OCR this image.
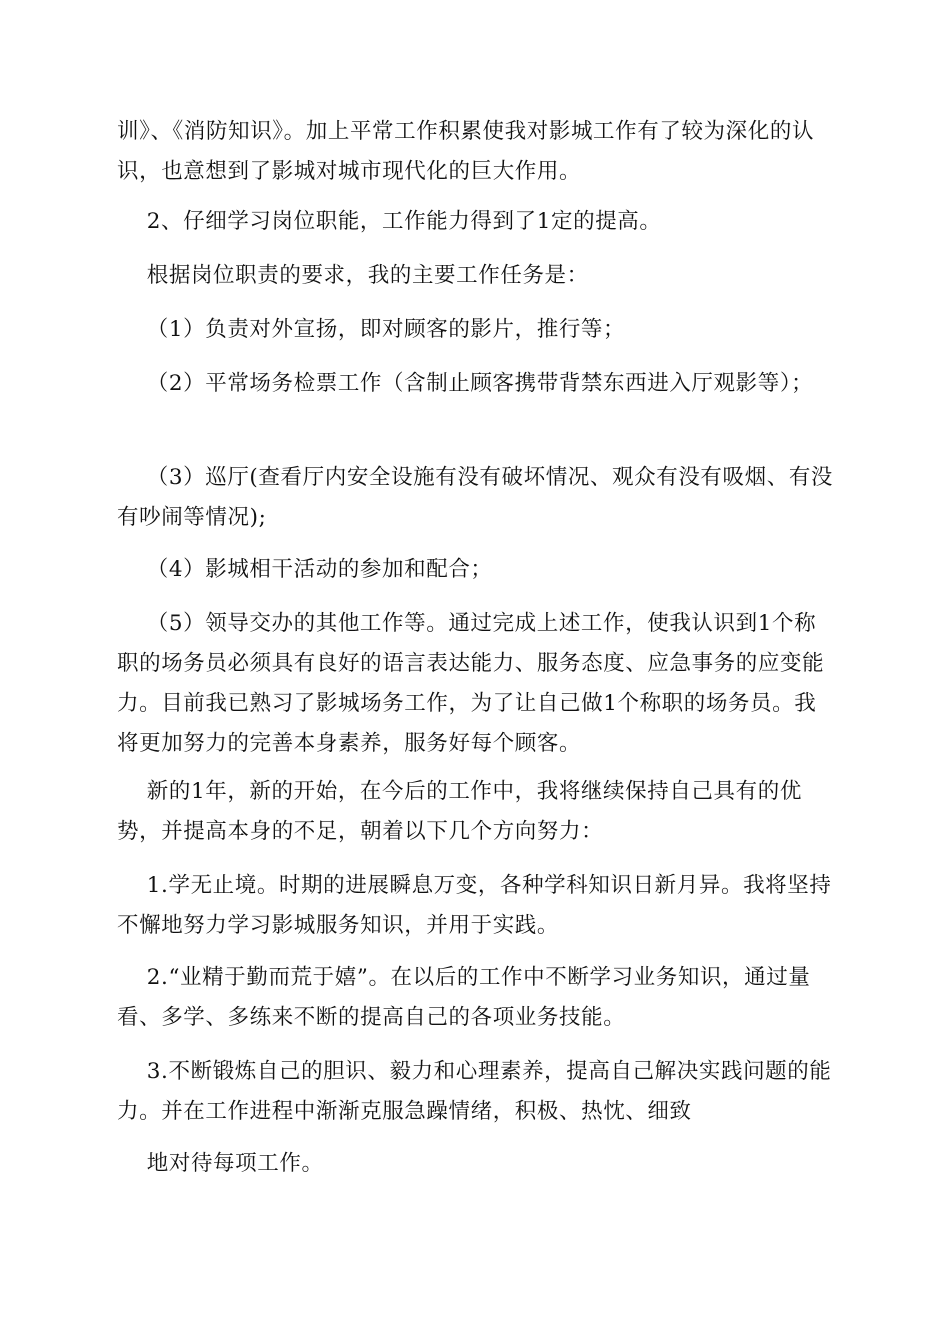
训》、《消防知识》。加上平常工作积累使我对影城工作有了较为深化的认识，也意想到了影城对城市现代化的巨大作用。

2、仔细学习岗位职能，工作能力得到了1定的提高。

根据岗位职责的要求，我的主要工作任务是：

（1）负责对外宣扬，即对顾客的影片，推行等；

（2）平常场务检票工作（含制止顾客携带背禁东西进入厅观影等）；

（3）巡厅(查看厅内安全设施有没有破坏情况、观众有没有吸烟、有没有吵闹等情况);

（4）影城相干活动的参加和配合；

（5）领导交办的其他工作等。通过完成上述工作，使我认识到1个称职的场务员必须具有良好的语言表达能力、服务态度、应急事务的应变能力。目前我已熟习了影城场务工作，为了让自己做1个称职的场务员。我将更加努力的完善本身素养，服务好每个顾客。

新的1年，新的开始，在今后的工作中，我将继续保持自己具有的优势，并提高本身的不足，朝着以下几个方向努力：

1.学无止境。时期的进展瞬息万变，各种学科知识日新月异。我将坚持不懈地努力学习影城服务知识，并用于实践。

2.“业精于勤而荒于嬉”。在以后的工作中不断学习业务知识，通过量看、多学、多练来不断的提高自己的各项业务技能。

3.不断锻炼自己的胆识、毅力和心理素养，提高自己解决实践问题的能力。并在工作进程中渐渐克服急躁情绪，积极、热忱、细致

地对待每项工作。
